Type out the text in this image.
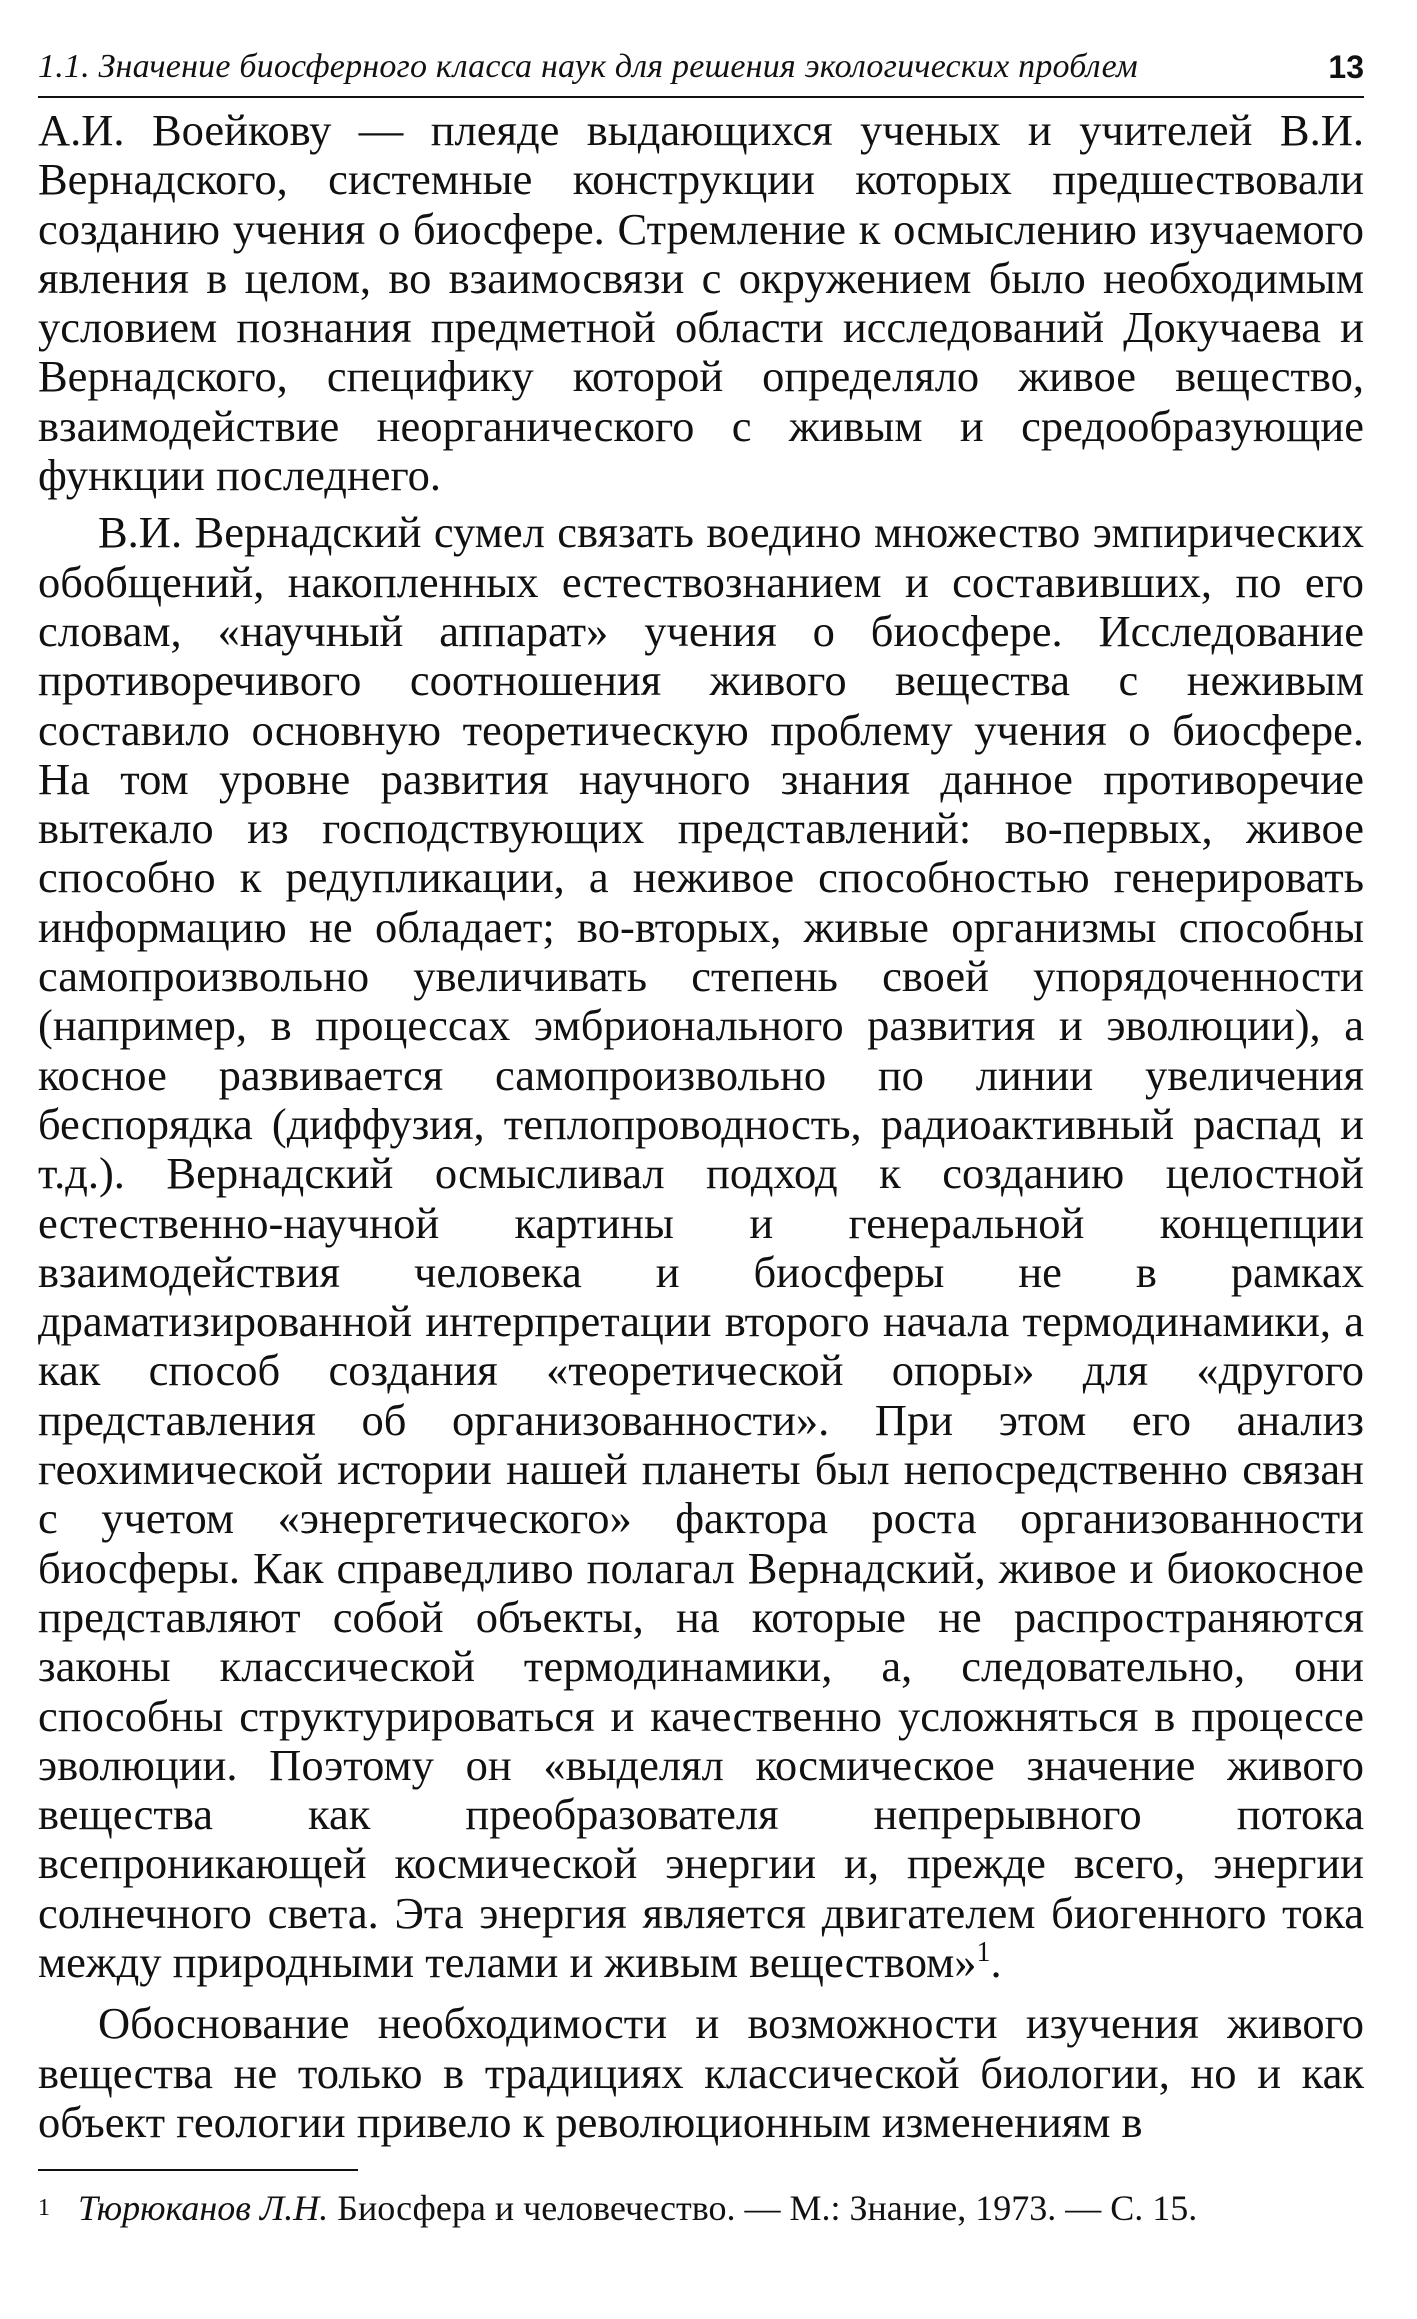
1.1. Значение биосферного класса наук для решения экологических проблем	13

А.И. Воейкову — плеяде выдающихся ученых и учителей В.И. Вернадского, системные конструкции которых предшествовали созданию учения о биосфере. Стремление к осмыслению изучаемого явления в целом, во взаимосвязи с окружением было необходимым условием познания предметной области исследований Докучаева и Вернадского, специфику которой определяло живое вещество, взаимодействие неорганического с живым и средообразующие функции последнего.

В.И. Вернадский сумел связать воедино множество эмпирических обобщений, накопленных естествознанием и составивших, по его словам, «научный аппарат» учения о биосфере. Исследование противоречивого соотношения живого вещества с неживым составило основную теоретическую проблему учения о биосфере. На том уровне развития научного знания данное противоречие вытекало из господствующих представлений: во-первых, живое способно к редупликации, а неживое способностью генерировать информацию не обладает; во-вторых, живые организмы способны самопроизвольно увеличивать степень своей упорядоченности (например, в процессах эмбрионального развития и эволюции), а косное развивается самопроизвольно по линии увеличения беспорядка (диффузия, теплопроводность, радиоактивный распад и т.д.). Вернадский осмысливал подход к созданию целостной естественно-научной картины и генеральной концепции взаимодействия человека и биосферы не в рамках драматизированной интерпретации второго начала термодинамики, а как способ создания «теоретической опоры» для «другого представления об организованности». При этом его анализ геохимической истории нашей планеты был непосредственно связан с учетом «энергетического» фактора роста организованности биосферы. Как справедливо полагал Вернадский, живое и биокосное представляют собой объекты, на которые не распространяются законы классической термодинамики, а, следовательно, они способны структурироваться и качественно усложняться в процессе эволюции. Поэтому он «выделял космическое значение живого вещества как преобразователя непрерывного потока всепроникающей космической энергии и, прежде всего, энергии солнечного света. Эта энергия является двигателем биогенного тока между природными телами и живым веществом»$^1$.

Обоснование необходимости и возможности изучения живого вещества не только в традициях классической биологии, но и как объект геологии привело к революционным изменениям в

1 Тюрюканов Л.Н. Биосфера и человечество. — М.: Знание, 1973. — С. 15.
